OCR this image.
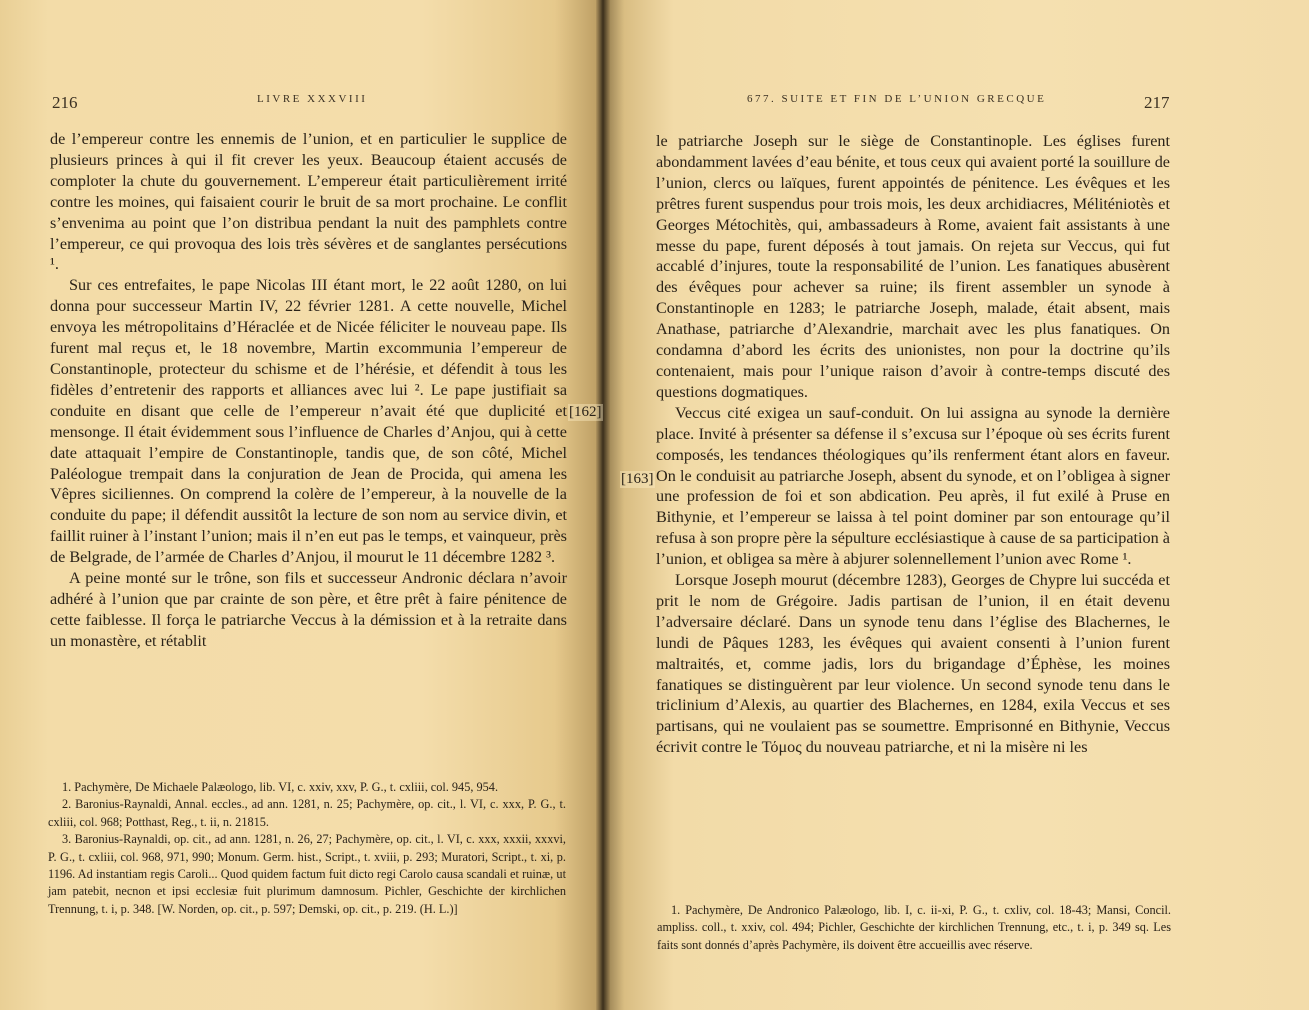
216	LIVRE XXXVIII

de l’empereur contre les ennemis de l’union, et en particulier le supplice de plusieurs princes à qui il fit crever les yeux. Beaucoup étaient accusés de comploter la chute du gouvernement. L’empereur était particulièrement irrité contre les moines, qui faisaient courir le bruit de sa mort prochaine. Le conflit s’envenima au point que l’on distribua pendant la nuit des pamphlets contre l’empereur, ce qui provoqua des lois très sévères et de sanglantes persécutions ¹.

Sur ces entrefaites, le pape Nicolas III étant mort, le 22 août 1280, on lui donna pour successeur Martin IV, 22 février 1281. A cette nouvelle, Michel envoya les métropolitains d’Héraclée et de Nicée féliciter le nouveau pape. Ils furent mal reçus et, le 18 novembre, Martin excommunia l’empereur de Constantinople, protecteur du schisme et de l’hérésie, et défendit à tous les fidèles d’entretenir des rapports et alliances avec lui ². Le pape justifiait sa conduite en disant que celle de l’empereur n’avait été que duplicité et mensonge. Il était évidemment sous l’influence de Charles d’Anjou, qui à cette date attaquait l’empire de Constantinople, tandis que, de son côté, Michel Paléologue trempait dans la conjuration de Jean de Procida, qui amena les Vêpres siciliennes. On comprend la colère de l’empereur, à la nouvelle de la conduite du pape; il défendit aussitôt la lecture de son nom au service divin, et faillit ruiner à l’instant l’union; mais il n’en eut pas le temps, et vainqueur, près de Belgrade, de l’armée de Charles d’Anjou, il mourut le 11 décembre 1282 ³.

A peine monté sur le trône, son fils et successeur Andronic déclara n’avoir adhéré à l’union que par crainte de son père, et être prêt à faire pénitence de cette faiblesse. Il força le patriarche Veccus à la démission et à la retraite dans un monastère, et rétablit

1. Pachymère, De Michaele Palæologo, lib. VI, c. xxiv, xxv, P. G., t. cxliii, col. 945, 954.

2. Baronius-Raynaldi, Annal. eccles., ad ann. 1281, n. 25; Pachymère, op. cit., l. VI, c. xxx, P. G., t. cxliii, col. 968; Potthast, Reg., t. ii, n. 21815.

3. Baronius-Raynaldi, op. cit., ad ann. 1281, n. 26, 27; Pachymère, op. cit., l. VI, c. xxx, xxxii, xxxvi, P. G., t. cxliii, col. 968, 971, 990; Monum. Germ. hist., Script., t. xviii, p. 293; Muratori, Script., t. xi, p. 1196. Ad instantiam regis Caroli... Quod quidem factum fuit dicto regi Carolo causa scandali et ruinæ, ut jam patebit, necnon et ipsi ecclesiæ fuit plurimum damnosum. Pichler, Geschichte der kirchlichen Trennung, t. i, p. 348. [W. Norden, op. cit., p. 597; Demski, op. cit., p. 219. (H. L.)]

677. SUITE ET FIN DE L’UNION GRECQUE	217

le patriarche Joseph sur le siège de Constantinople. Les églises furent abondamment lavées d’eau bénite, et tous ceux qui avaient porté la souillure de l’union, clercs ou laïques, furent appointés de pénitence. Les évêques et les prêtres furent suspendus pour trois mois, les deux archidiacres, Méliténiotès et Georges Métochitès, qui, ambassadeurs à Rome, avaient fait assistants à une messe du pape, furent déposés à tout jamais. On rejeta sur Veccus, qui fut accablé d’injures, toute la responsabilité de l’union. Les fanatiques abusèrent des évêques pour achever sa ruine; ils firent assembler un synode à Constantinople en 1283; le patriarche Joseph, malade, était absent, mais Anathase, patriarche d’Alexandrie, marchait avec les plus fanatiques. On condamna d’abord les écrits des unionistes, non pour la doctrine qu’ils contenaient, mais pour l’unique raison d’avoir à contre-temps discuté des questions dogmatiques.

Veccus cité exigea un sauf-conduit. On lui assigna au synode la dernière place. Invité à présenter sa défense il s’excusa sur l’époque où ses écrits furent composés, les tendances théologiques qu’ils renferment étant alors en faveur. On le conduisit au patriarche Joseph, absent du synode, et on l’obligea à signer une profession de foi et son abdication. Peu après, il fut exilé à Pruse en Bithynie, et l’empereur se laissa à tel point dominer par son entourage qu’il refusa à son propre père la sépulture ecclésiastique à cause de sa participation à l’union, et obligea sa mère à abjurer solennellement l’union avec Rome ¹.

Lorsque Joseph mourut (décembre 1283), Georges de Chypre lui succéda et prit le nom de Grégoire. Jadis partisan de l’union, il en était devenu l’adversaire déclaré. Dans un synode tenu dans l’église des Blachernes, le lundi de Pâques 1283, les évêques qui avaient consenti à l’union furent maltraités, et, comme jadis, lors du brigandage d’Éphèse, les moines fanatiques se distinguèrent par leur violence. Un second synode tenu dans le triclinium d’Alexis, au quartier des Blachernes, en 1284, exila Veccus et ses partisans, qui ne voulaient pas se soumettre. Emprisonné en Bithynie, Veccus écrivit contre le Τόμος du nouveau patriarche, et ni la misère ni les

1. Pachymère, De Andronico Palæologo, lib. I, c. ii-xi, P. G., t. cxliv, col. 18-43; Mansi, Concil. ampliss. coll., t. xxiv, col. 494; Pichler, Geschichte der kirchlichen Trennung, etc., t. i, p. 349 sq. Les faits sont donnés d’après Pachymère, ils doivent être accueillis avec réserve.

[162]
[163]
